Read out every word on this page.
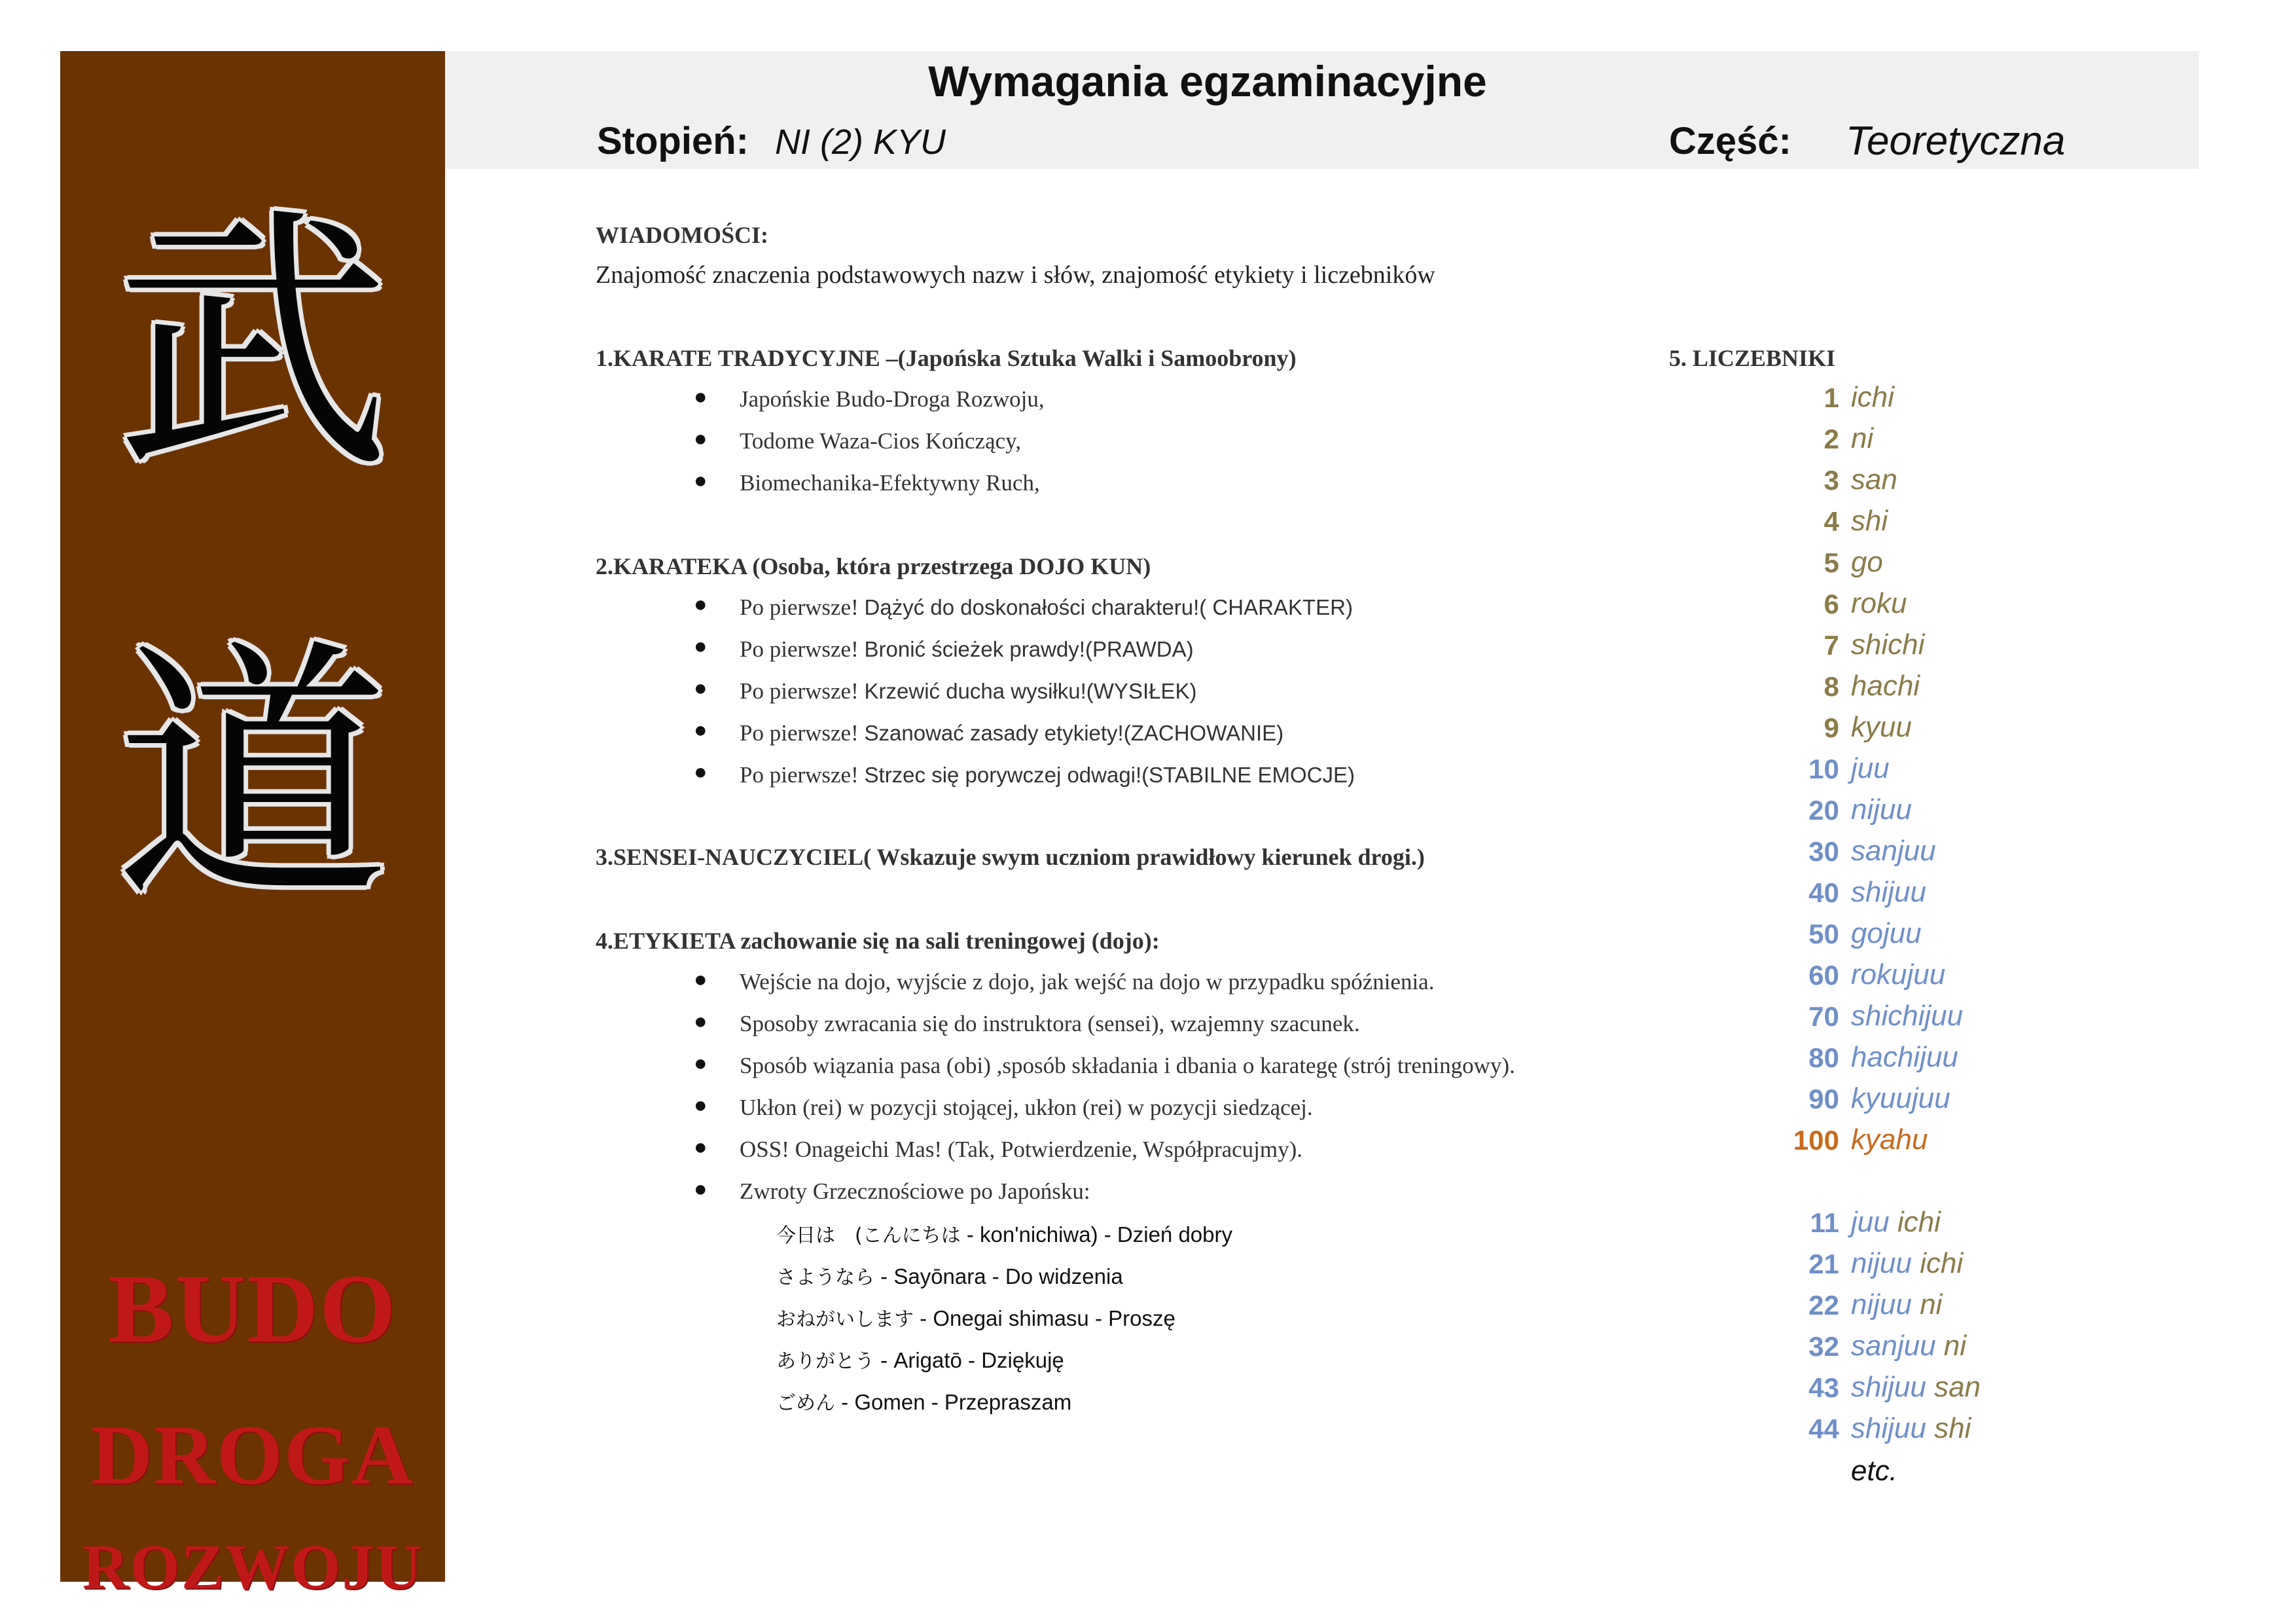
武
道
BUDO
DROGA
ROZWOJU
Wymagania egzaminacyjne
Stopień: NI (2) KYU	Część: Teoretyczna
WIADOMOŚCI:
Znajomość znaczenia podstawowych nazw i słów, znajomość etykiety i liczebników
1.KARATE TRADYCYJNE –(Japońska Sztuka Walki i Samoobrony)
● Japońskie Budo-Droga Rozwoju,
● Todome Waza-Cios Kończący,
● Biomechanika-Efektywny Ruch,
2.KARATEKA (Osoba, która przestrzega DOJO KUN)
● Po pierwsze! Dążyć do doskonałości charakteru!( CHARAKTER)
● Po pierwsze! Bronić ścieżek prawdy!(PRAWDA)
● Po pierwsze! Krzewić ducha wysiłku!(WYSIŁEK)
● Po pierwsze! Szanować zasady etykiety!(ZACHOWANIE)
● Po pierwsze! Strzec się porywczej odwagi!(STABILNE EMOCJE)
3.SENSEI-NAUCZYCIEL( Wskazuje swym uczniom prawidłowy kierunek drogi.)
4.ETYKIETA zachowanie się na sali treningowej (dojo):
● Wejście na dojo, wyjście z dojo, jak wejść na dojo w przypadku spóźnienia.
● Sposoby zwracania się do instruktora (sensei), wzajemny szacunek.
● Sposób wiązania pasa (obi) ,sposób składania i dbania o karategę (strój treningowy).
● Ukłon (rei) w pozycji stojącej, ukłon (rei) w pozycji siedzącej.
● OSS! Onageichi Mas! (Tak, Potwierdzenie, Współpracujmy).
● Zwroty Grzecznościowe po Japońsku:
今日は　(こんにちは - kon'nichiwa) - Dzień dobry
さようなら - Sayōnara - Do widzenia
おねがいします - Onegai shimasu - Proszę
ありがとう - Arigatō - Dziękuję
ごめん - Gomen - Przepraszam
5. LICZEBNIKI
1 ichi
2 ni
3 san
4 shi
5 go
6 roku
7 shichi
8 hachi
9 kyuu
10 juu
20 nijuu
30 sanjuu
40 shijuu
50 gojuu
60 rokujuu
70 shichijuu
80 hachijuu
90 kyuujuu
100 kyahu
11 juu ichi
21 nijuu ichi
22 nijuu ni
32 sanjuu ni
43 shijuu san
44 shijuu shi
etc.
